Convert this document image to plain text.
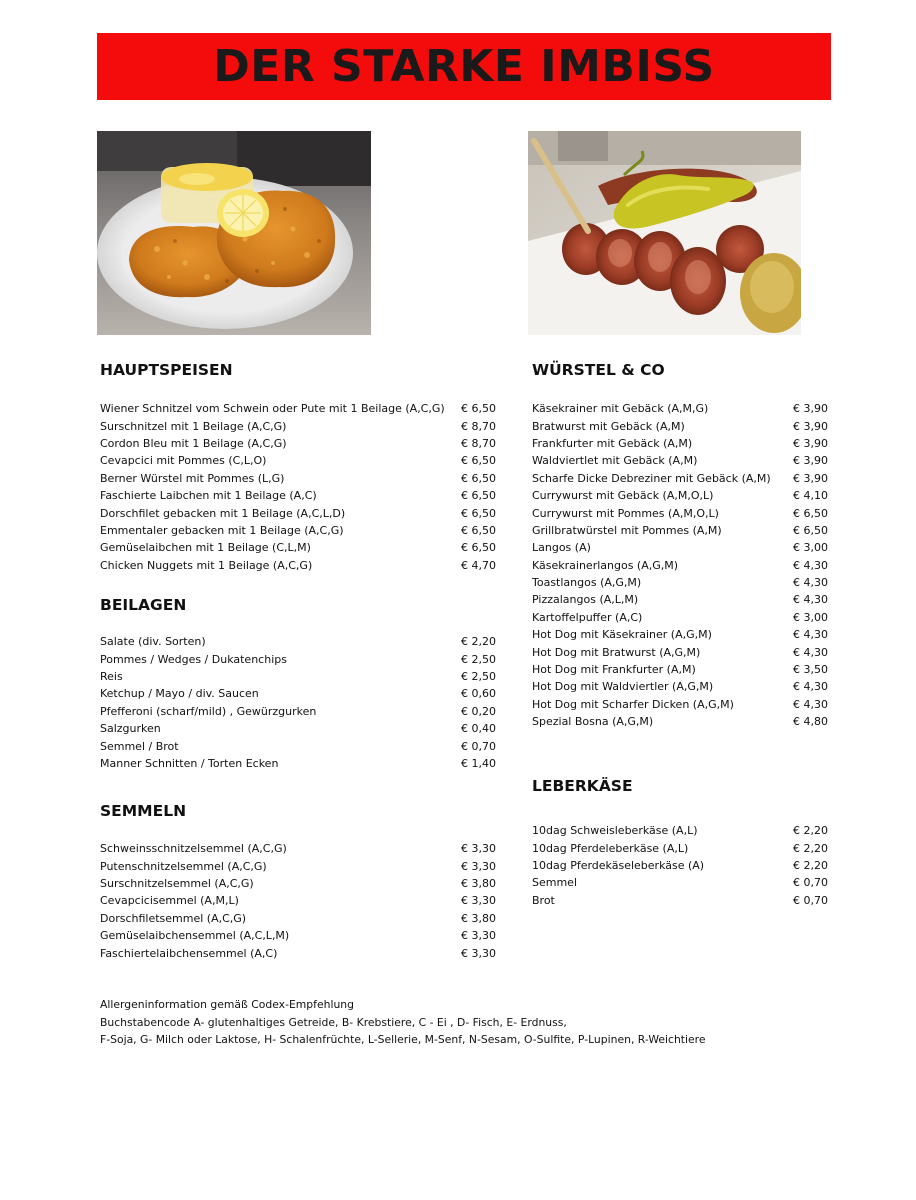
DER STARKE IMBISS
HAUPTSPEISEN
Wiener Schnitzel vom Schwein oder Pute mit 1 Beilage (A,C,G) € 6,50
Surschnitzel mit 1 Beilage (A,C,G)	€ 8,70
Cordon Bleu mit 1 Beilage (A,C,G)	€ 8,70
Cevapcici mit Pommes (C,L,O)	€ 6,50
Berner Würstel mit Pommes (L,G)	€ 6,50
Faschierte Laibchen mit 1 Beilage (A,C)	€ 6,50
Dorschfilet gebacken mit 1 Beilage (A,C,L,D)	€ 6,50
Emmentaler gebacken mit 1 Beilage (A,C,G)	€ 6,50
Gemüselaibchen mit 1 Beilage (C,L,M)	€ 6,50
Chicken Nuggets mit 1 Beilage (A,C,G)	€ 4,70
BEILAGEN
Salate (div. Sorten)	€ 2,20
Pommes / Wedges / Dukatenchips	€ 2,50
Reis	€ 2,50
Ketchup / Mayo / div. Saucen	€ 0,60
Pfefferoni (scharf/mild) , Gewürzgurken	€ 0,20
Salzgurken	€ 0,40
Semmel / Brot	€ 0,70
Manner Schnitten / Torten Ecken	€ 1,40
SEMMELN
Schweinsschnitzelsemmel (A,C,G)	€ 3,30
Putenschnitzelsemmel (A,C,G)	€ 3,30
Surschnitzelsemmel (A,C,G)	€ 3,80
Cevapcicisemmel (A,M,L)	€ 3,30
Dorschfiletsemmel (A,C,G)	€ 3,80
Gemüselaibchensemmel (A,C,L,M)	€ 3,30
Faschiertelaibchensemmel (A,C)	€ 3,30
WÜRSTEL & CO
Käsekrainer mit Gebäck (A,M,G)	€ 3,90
Bratwurst mit Gebäck (A,M)	€ 3,90
Frankfurter mit Gebäck (A,M)	€ 3,90
Waldviertlet mit Gebäck (A,M)	€ 3,90
Scharfe Dicke Debreziner mit Gebäck (A,M) € 3,90
Currywurst mit Gebäck (A,M,O,L)	€ 4,10
Currywurst mit Pommes (A,M,O,L)	€ 6,50
Grillbratwürstel mit Pommes (A,M)	€ 6,50
Langos (A)	€ 3,00
Käsekrainerlangos (A,G,M)	€ 4,30
Toastlangos (A,G,M)	€ 4,30
Pizzalangos (A,L,M)	€ 4,30
Kartoffelpuffer (A,C)	€ 3,00
Hot Dog mit Käsekrainer (A,G,M)	€ 4,30
Hot Dog mit Bratwurst (A,G,M)	€ 4,30
Hot Dog mit Frankfurter (A,M)	€ 3,50
Hot Dog mit Waldviertler (A,G,M)	€ 4,30
Hot Dog mit Scharfer Dicken (A,G,M)	€ 4,30
Spezial Bosna (A,G,M)	€ 4,80
LEBERKÄSE
10dag Schweisleberkäse (A,L)	€ 2,20
10dag Pferdeleberkäse (A,L)	€ 2,20
10dag Pferdekäseleberkäse (A)	€ 2,20
Semmel	€ 0,70
Brot	€ 0,70
Allergeninformation gemäß Codex-Empfehlung
Buchstabencode A- glutenhaltiges Getreide, B- Krebstiere, C - Ei , D- Fisch, E- Erdnuss,
F-Soja, G- Milch oder Laktose, H- Schalenfrüchte, L-Sellerie, M-Senf, N-Sesam, O-Sulfite, P-Lupinen, R-Weichtiere
